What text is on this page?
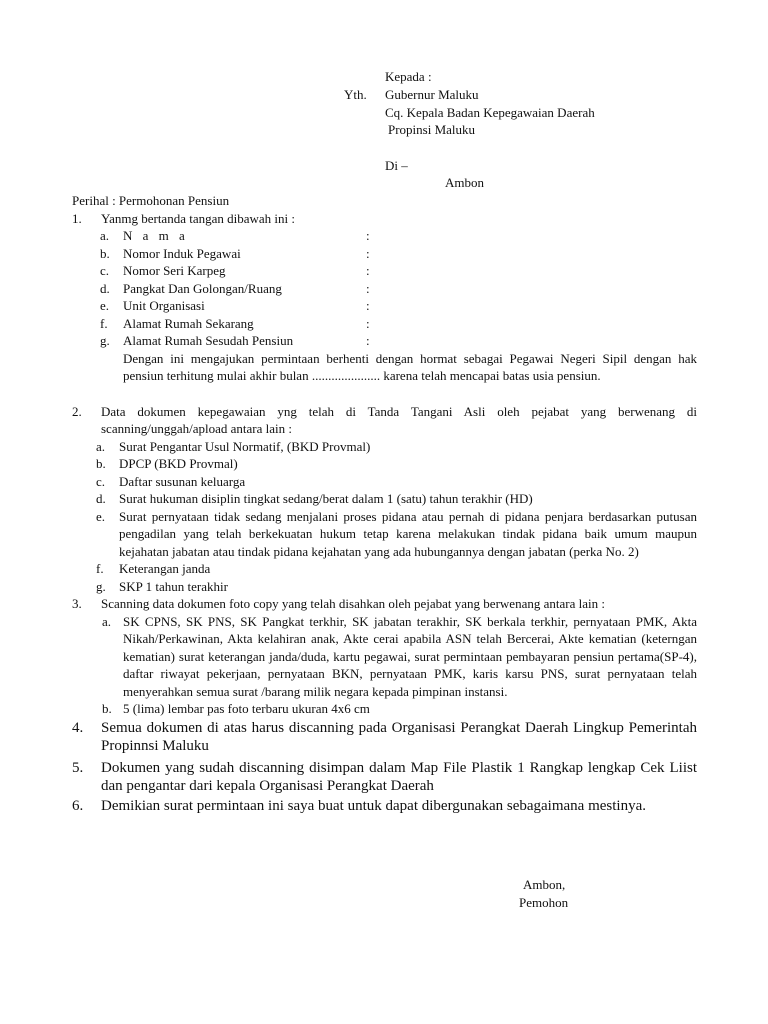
Kepada :
Yth. Gubernur Maluku
Cq. Kepala Badan Kepegawaian Daerah
Propinsi Maluku
Di –
Ambon
Perihal : Permohonan Pensiun
1. Yanmg bertanda tangan dibawah ini :
a. N a m a	:
b. Nomor Induk Pegawai	:
c. Nomor Seri Karpeg	:
d. Pangkat Dan Golongan/Ruang	:
e. Unit Organisasi	:
f. Alamat Rumah Sekarang	:
g. Alamat Rumah Sesudah Pensiun	:
Dengan ini mengajukan permintaan berhenti dengan hormat sebagai Pegawai Negeri Sipil dengan hak pensiun terhitung mulai akhir bulan ..................... karena telah mencapai batas usia pensiun.
2. Data dokumen kepegawaian yng telah di Tanda Tangani Asli oleh pejabat yang berwenang di scanning/unggah/apload antara lain :
a. Surat Pengantar Usul Normatif, (BKD Provmal)
b. DPCP (BKD Provmal)
c. Daftar susunan keluarga
d. Surat hukuman disiplin tingkat sedang/berat dalam 1 (satu) tahun terakhir (HD)
e. Surat pernyataan tidak sedang menjalani proses pidana atau pernah di pidana penjara berdasarkan putusan pengadilan yang telah berkekuatan hukum tetap karena melakukan tindak pidana baik umum maupun kejahatan jabatan atau tindak pidana kejahatan yang ada hubungannya dengan jabatan (perka No. 2)
f. Keterangan janda
g. SKP 1 tahun terakhir
3. Scanning data dokumen foto copy yang telah disahkan oleh pejabat yang berwenang antara lain :
a. SK CPNS, SK PNS, SK Pangkat terkhir, SK jabatan terakhir, SK berkala terkhir, pernyataan PMK, Akta Nikah/Perkawinan, Akta kelahiran anak, Akte cerai apabila ASN telah Bercerai, Akte kematian (keterngan kematian) surat keterangan janda/duda, kartu pegawai, surat permintaan pembayaran pensiun pertama(SP-4), daftar riwayat pekerjaan, pernyataan BKN, pernyataan PMK, karis karsu PNS, surat pernyataan telah menyerahkan semua surat /barang milik negara kepada pimpinan instansi.
b. 5 (lima) lembar pas foto terbaru ukuran 4x6 cm
4. Semua dokumen di atas harus discanning pada Organisasi Perangkat Daerah Lingkup Pemerintah Propinnsi Maluku
5. Dokumen yang sudah discanning disimpan dalam Map File Plastik 1 Rangkap lengkap Cek Liist dan pengantar dari kepala Organisasi Perangkat Daerah
6. Demikian surat permintaan ini saya buat untuk dapat dibergunakan sebagaimana mestinya.
Ambon,
Pemohon
